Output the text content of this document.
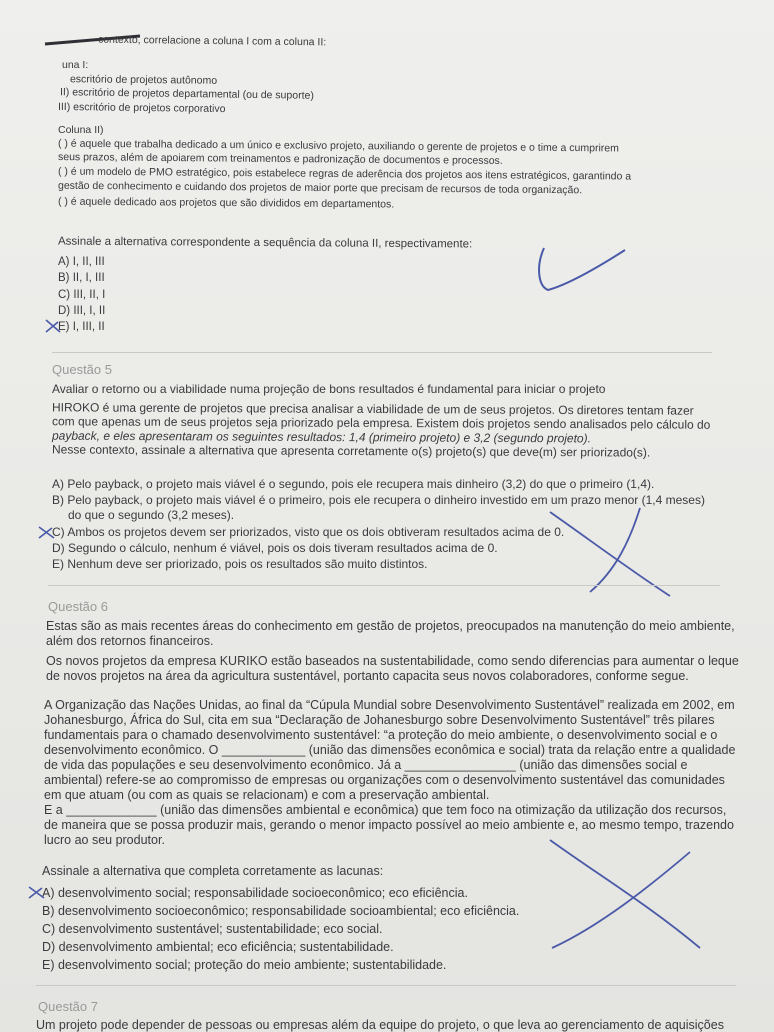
contexto, correlacione a coluna I com a coluna II:
una I:
escritório de projetos autônomo
II) escritório de projetos departamental (ou de suporte)
III) escritório de projetos corporativo
Coluna II)
( ) é aquele que trabalha dedicado a um único e exclusivo projeto, auxiliando o gerente de projetos e o time a cumprirem
seus prazos, além de apoiarem com treinamentos e padronização de documentos e processos.
( ) é um modelo de PMO estratégico, pois estabelece regras de aderência dos projetos aos itens estratégicos, garantindo a
gestão de conhecimento e cuidando dos projetos de maior porte que precisam de recursos de toda organização.
( ) é aquele dedicado aos projetos que são divididos em departamentos.
Assinale a alternativa correspondente a sequência da coluna II, respectivamente:
A) I, II, III
B) II, I, III
C) III, II, I
D) III, I, II
E) I, III, II
Questão 5
Avaliar o retorno ou a viabilidade numa projeção de bons resultados é fundamental para iniciar o projeto
HIROKO é uma gerente de projetos que precisa analisar a viabilidade de um de seus projetos. Os diretores tentam fazer
com que apenas um de seus projetos seja priorizado pela empresa. Existem dois projetos sendo analisados pelo cálculo do
payback, e eles apresentaram os seguintes resultados: 1,4 (primeiro projeto) e 3,2 (segundo projeto).
Nesse contexto, assinale a alternativa que apresenta corretamente o(s) projeto(s) que deve(m) ser priorizado(s).
A) Pelo payback, o projeto mais viável é o segundo, pois ele recupera mais dinheiro (3,2) do que o primeiro (1,4).
B) Pelo payback, o projeto mais viável é o primeiro, pois ele recupera o dinheiro investido em um prazo menor (1,4 meses)
do que o segundo (3,2 meses).
C) Ambos os projetos devem ser priorizados, visto que os dois obtiveram resultados acima de 0.
D) Segundo o cálculo, nenhum é viável, pois os dois tiveram resultados acima de 0.
E) Nenhum deve ser priorizado, pois os resultados são muito distintos.
Questão 6
Estas são as mais recentes áreas do conhecimento em gestão de projetos, preocupados na manutenção do meio ambiente,
além dos retornos financeiros.
Os novos projetos da empresa KURIKO estão baseados na sustentabilidade, como sendo diferencias para aumentar o leque
de novos projetos na área da agricultura sustentável, portanto capacita seus novos colaboradores, conforme segue.
A Organização das Nações Unidas, ao final da “Cúpula Mundial sobre Desenvolvimento Sustentável” realizada em 2002, em
Johanesburgo, África do Sul, cita em sua “Declaração de Johanesburgo sobre Desenvolvimento Sustentável” três pilares
fundamentais para o chamado desenvolvimento sustentável: “a proteção do meio ambiente, o desenvolvimento social e o
desenvolvimento econômico. O ____________ (união das dimensões econômica e social) trata da relação entre a qualidade
de vida das populações e seu desenvolvimento econômico. Já a ________________ (união das dimensões social e
ambiental) refere-se ao compromisso de empresas ou organizações com o desenvolvimento sustentável das comunidades
em que atuam (ou com as quais se relacionam) e com a preservação ambiental.
E a _____________ (união das dimensões ambiental e econômica) que tem foco na otimização da utilização dos recursos,
de maneira que se possa produzir mais, gerando o menor impacto possível ao meio ambiente e, ao mesmo tempo, trazendo
lucro ao seu produtor.
Assinale a alternativa que completa corretamente as lacunas:
A) desenvolvimento social; responsabilidade socioeconômico; eco eficiência.
B) desenvolvimento socioeconômico; responsabilidade socioambiental; eco eficiência.
C) desenvolvimento sustentável; sustentabilidade; eco social.
D) desenvolvimento ambiental; eco eficiência; sustentabilidade.
E) desenvolvimento social; proteção do meio ambiente; sustentabilidade.
Questão 7
Um projeto pode depender de pessoas ou empresas além da equipe do projeto, o que leva ao gerenciamento de aquisições
